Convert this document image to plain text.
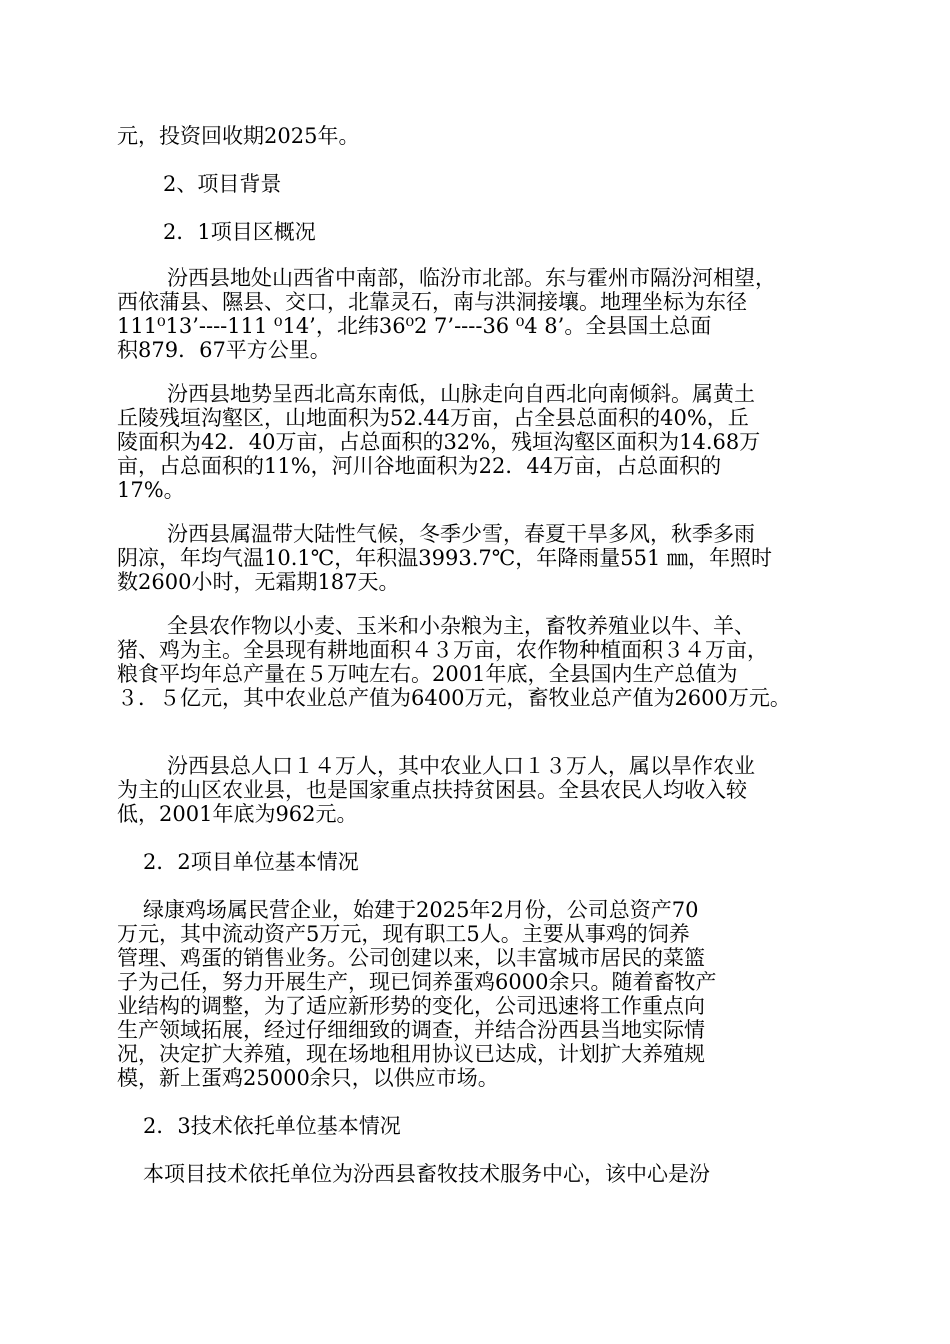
元，投资回收期2025年。
2、项目背景
2．1项目区概况
汾西县地处山西省中南部，临汾市北部。东与霍州市隔汾河相望，
西依蒲县、隰县、交口，北靠灵石，南与洪洞接壤。地理坐标为东径
111⁰13’----111 ⁰14’，北纬36⁰2 7’----36 ⁰4 8’。全县国土总面
积879．67平方公里。
汾西县地势呈西北高东南低，山脉走向自西北向南倾斜。属黄土
丘陵残垣沟壑区，山地面积为52.44万亩，占全县总面积的40%，丘
陵面积为42．40万亩，占总面积的32%，残垣沟壑区面积为14.68万
亩，占总面积的11%，河川谷地面积为22．44万亩，占总面积的
17%。
汾西县属温带大陆性气候，冬季少雪，春夏干旱多风，秋季多雨
阴凉，年均气温10.1℃，年积温3993.7℃，年降雨量551 ㎜，年照时
数2600小时，无霜期187天。
全县农作物以小麦、玉米和小杂粮为主，畜牧养殖业以牛、羊、
猪、鸡为主。全县现有耕地面积４３万亩，农作物种植面积３４万亩，
粮食平均年总产量在５万吨左右。2001年底，全县国内生产总值为
３．５亿元，其中农业总产值为6400万元，畜牧业总产值为2600万元。
汾西县总人口１４万人，其中农业人口１３万人，属以旱作农业
为主的山区农业县，也是国家重点扶持贫困县。全县农民人均收入较
低，2001年底为962元。
2．2项目单位基本情况
绿康鸡场属民营企业，始建于2025年2月份，公司总资产70
万元，其中流动资产5万元，现有职工5人。主要从事鸡的饲养
管理、鸡蛋的销售业务。公司创建以来，以丰富城市居民的菜篮
子为己任，努力开展生产，现已饲养蛋鸡6000余只。随着畜牧产
业结构的调整，为了适应新形势的变化，公司迅速将工作重点向
生产领域拓展，经过仔细细致的调查，并结合汾西县当地实际情
况，决定扩大养殖，现在场地租用协议已达成，计划扩大养殖规
模，新上蛋鸡25000余只，以供应市场。
2．3技术依托单位基本情况
本项目技术依托单位为汾西县畜牧技术服务中心，该中心是汾
